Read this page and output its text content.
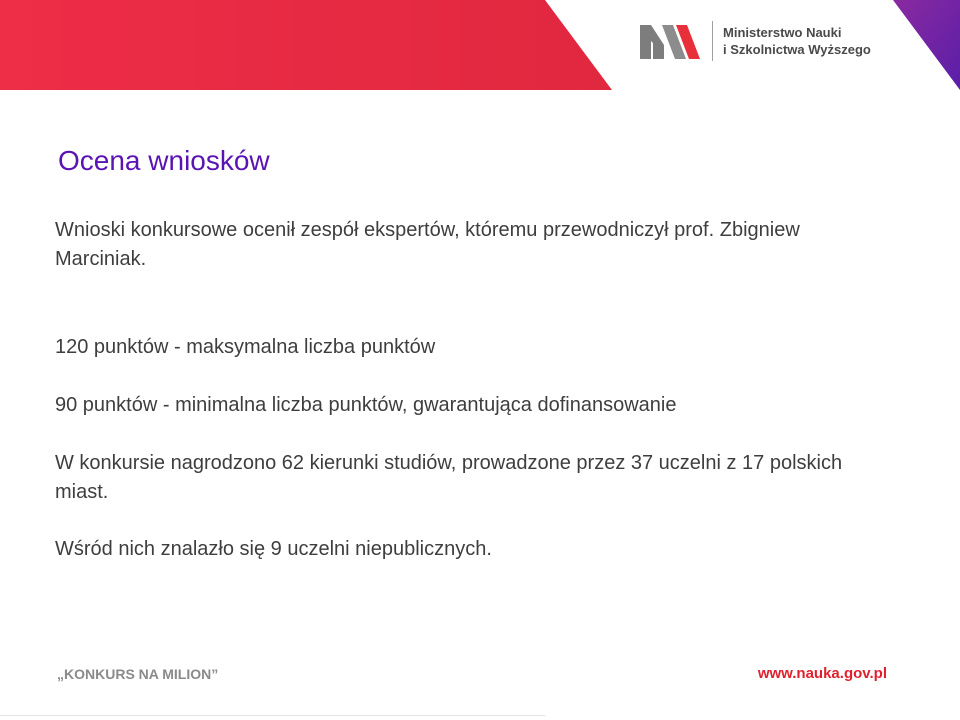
Ministerstwo Nauki
i Szkolnictwa Wyższego
Ocena wniosków

Wnioski konkursowe ocenił zespół ekspertów, któremu przewodniczył prof. Zbigniew Marciniak.

120 punktów - maksymalna liczba punktów

90 punktów - minimalna liczba punktów, gwarantująca dofinansowanie

W konkursie nagrodzono 62 kierunki studiów, prowadzone przez 37 uczelni z 17 polskich miast.

Wśród nich znalazło się 9 uczelni niepublicznych.

„KONKURS NA MILION”	www.nauka.gov.pl
